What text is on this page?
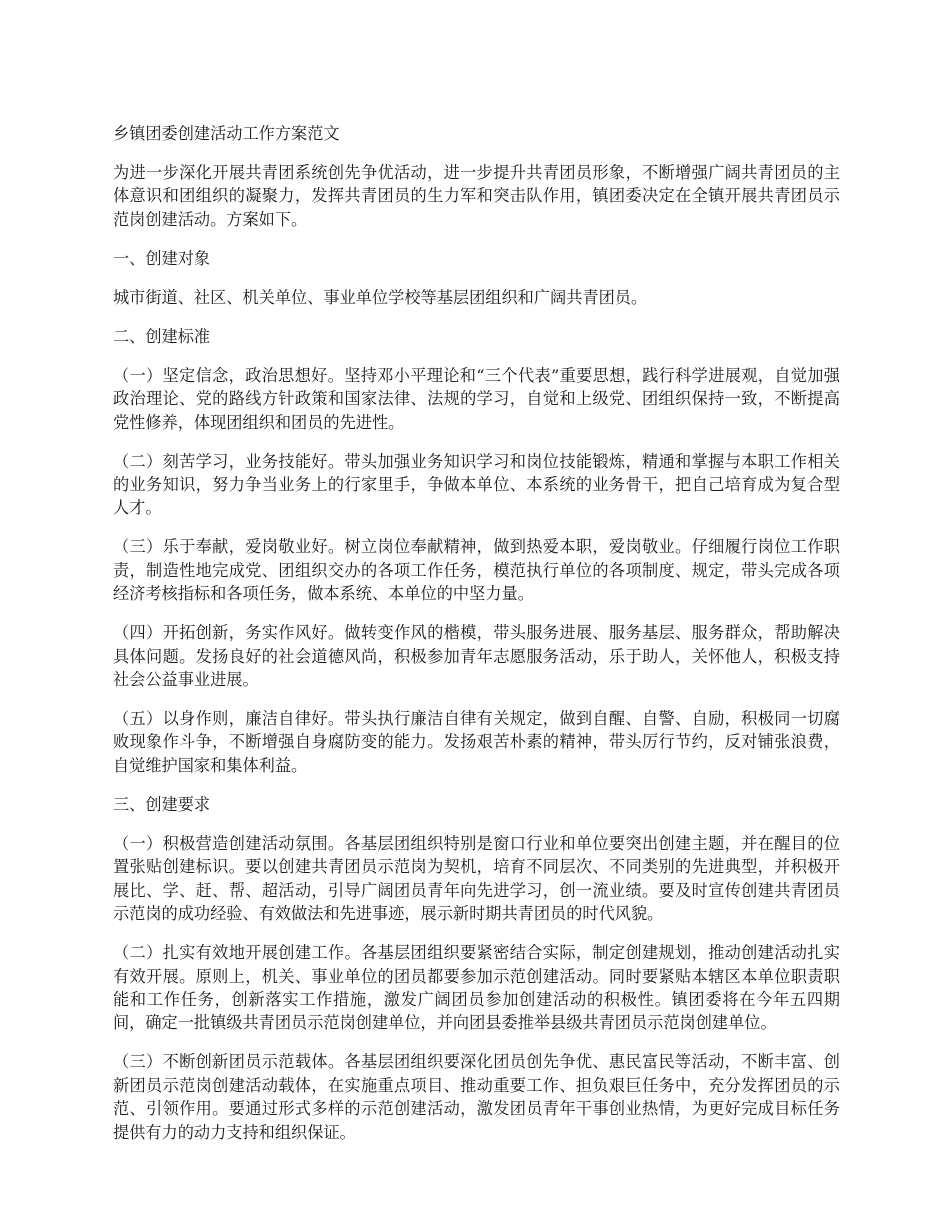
乡镇团委创建活动工作方案范文

为进一步深化开展共青团系统创先争优活动，进一步提升共青团员形象，不断增强广阔共青团员的主体意识和团组织的凝聚力，发挥共青团员的生力军和突击队作用，镇团委决定在全镇开展共青团员示范岗创建活动。方案如下。

一、创建对象

城市街道、社区、机关单位、事业单位学校等基层团组织和广阔共青团员。

二、创建标准

（一）坚定信念，政治思想好。坚持邓小平理论和“三个代表”重要思想，践行科学进展观，自觉加强政治理论、党的路线方针政策和国家法律、法规的学习，自觉和上级党、团组织保持一致，不断提高党性修养，体现团组织和团员的先进性。

（二）刻苦学习，业务技能好。带头加强业务知识学习和岗位技能锻炼，精通和掌握与本职工作相关的业务知识，努力争当业务上的行家里手，争做本单位、本系统的业务骨干，把自己培育成为复合型人才。

（三）乐于奉献，爱岗敬业好。树立岗位奉献精神，做到热爱本职，爱岗敬业。仔细履行岗位工作职责，制造性地完成党、团组织交办的各项工作任务，模范执行单位的各项制度、规定，带头完成各项经济考核指标和各项任务，做本系统、本单位的中坚力量。

（四）开拓创新，务实作风好。做转变作风的楷模，带头服务进展、服务基层、服务群众，帮助解决具体问题。发扬良好的社会道德风尚，积极参加青年志愿服务活动，乐于助人，关怀他人，积极支持社会公益事业进展。

（五）以身作则，廉洁自律好。带头执行廉洁自律有关规定，做到自醒、自警、自励，积极同一切腐败现象作斗争，不断增强自身腐防变的能力。发扬艰苦朴素的精神，带头厉行节约，反对铺张浪费，自觉维护国家和集体利益。

三、创建要求

（一）积极营造创建活动氛围。各基层团组织特别是窗口行业和单位要突出创建主题，并在醒目的位置张贴创建标识。要以创建共青团员示范岗为契机，培育不同层次、不同类别的先进典型，并积极开展比、学、赶、帮、超活动，引导广阔团员青年向先进学习，创一流业绩。要及时宣传创建共青团员示范岗的成功经验、有效做法和先进事迹，展示新时期共青团员的时代风貌。

（二）扎实有效地开展创建工作。各基层团组织要紧密结合实际，制定创建规划，推动创建活动扎实有效开展。原则上，机关、事业单位的团员都要参加示范创建活动。同时要紧贴本辖区本单位职责职能和工作任务，创新落实工作措施，激发广阔团员参加创建活动的积极性。镇团委将在今年五四期间，确定一批镇级共青团员示范岗创建单位，并向团县委推举县级共青团员示范岗创建单位。

（三）不断创新团员示范载体。各基层团组织要深化团员创先争优、惠民富民等活动，不断丰富、创新团员示范岗创建活动载体，在实施重点项目、推动重要工作、担负艰巨任务中，充分发挥团员的示范、引领作用。要通过形式多样的示范创建活动，激发团员青年干事创业热情，为更好完成目标任务提供有力的动力支持和组织保证。
